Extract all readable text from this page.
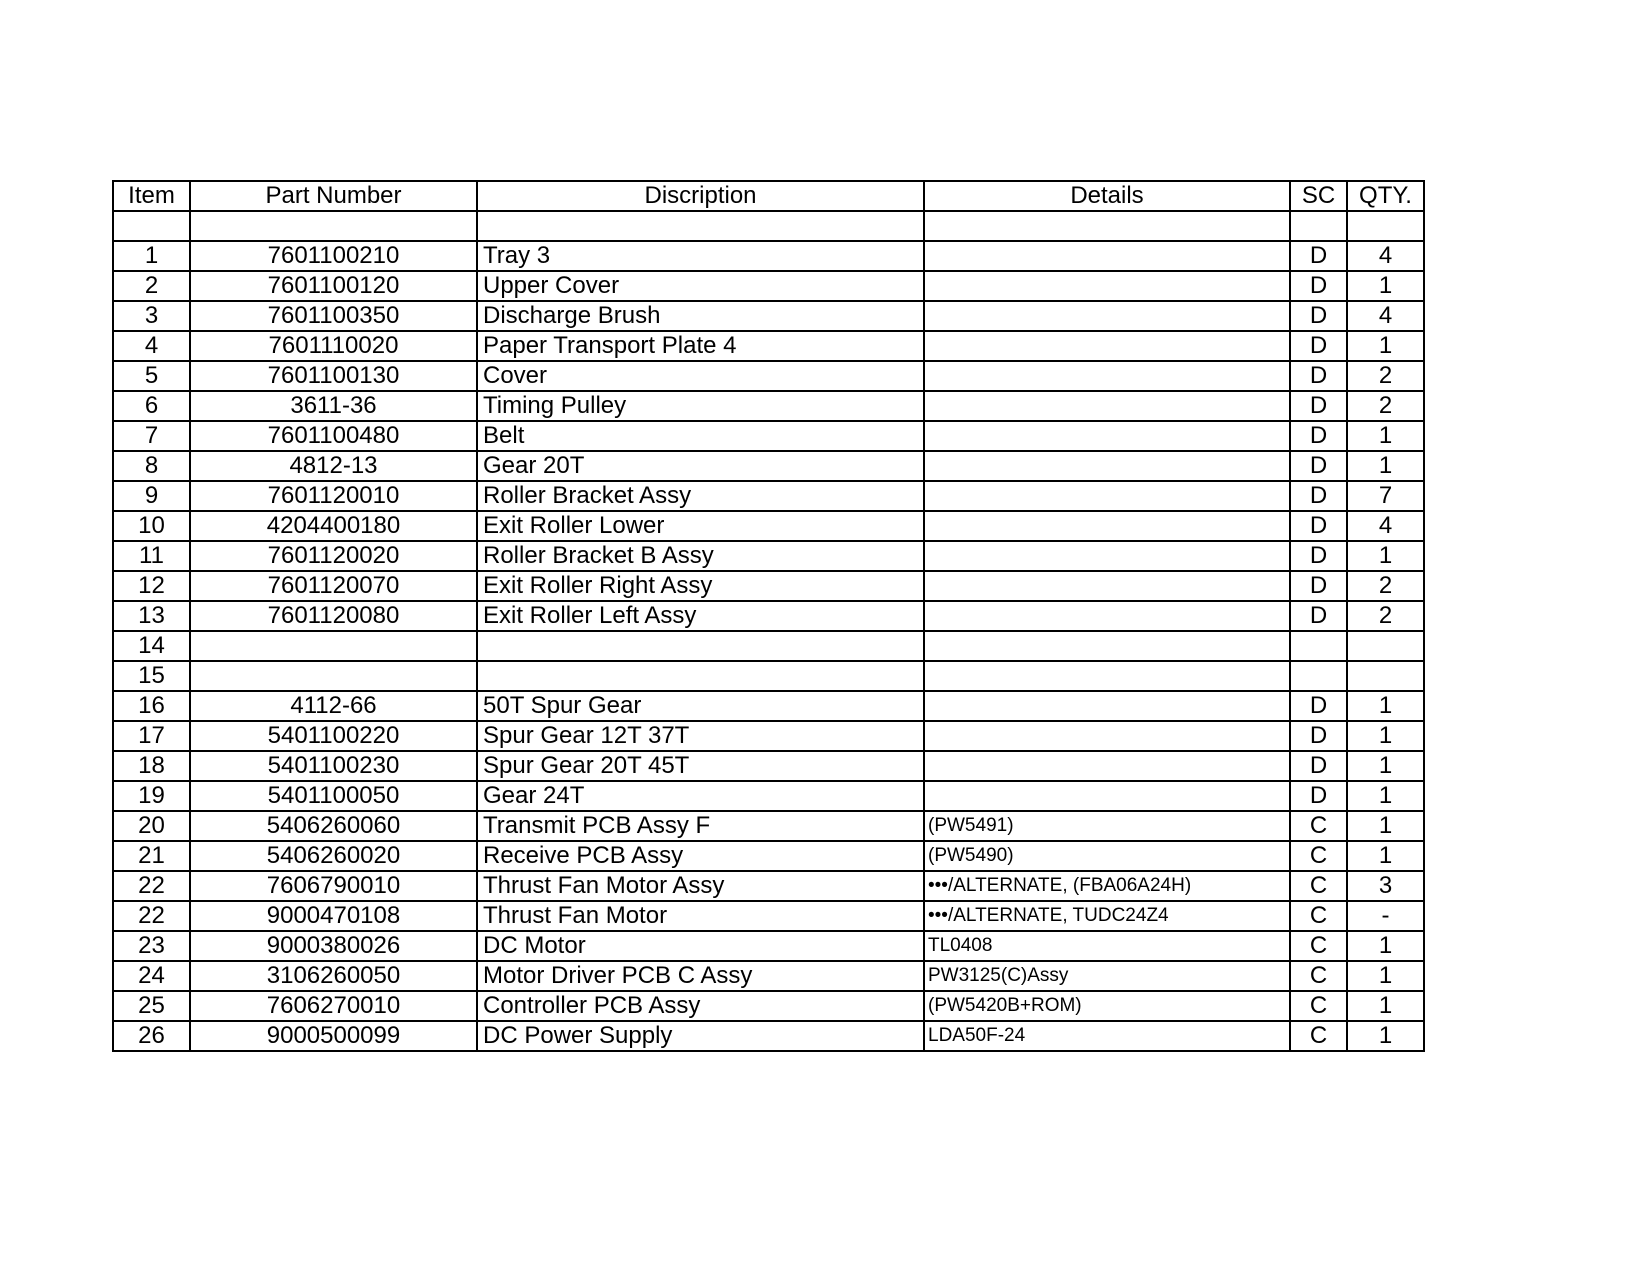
Item	Part Number	Discription	Details	SC	QTY.

1	7601100210	Tray 3		D	4
2	7601100120	Upper Cover		D	1
3	7601100350	Discharge Brush		D	4
4	7601110020	Paper Transport Plate 4		D	1
5	7601100130	Cover		D	2
6	3611-36	Timing Pulley		D	2
7	7601100480	Belt		D	1
8	4812-13	Gear 20T		D	1
9	7601120010	Roller Bracket Assy		D	7
10	4204400180	Exit Roller Lower		D	4
11	7601120020	Roller Bracket B Assy		D	1
12	7601120070	Exit Roller Right Assy		D	2
13	7601120080	Exit Roller Left Assy		D	2
14					
15					
16	4112-66	50T Spur Gear		D	1
17	5401100220	Spur Gear 12T 37T		D	1
18	5401100230	Spur Gear 20T 45T		D	1
19	5401100050	Gear 24T		D	1
20	5406260060	Transmit PCB Assy F	(PW5491)	C	1
21	5406260020	Receive PCB Assy	(PW5490)	C	1
22	7606790010	Thrust Fan Motor Assy	•••/ALTERNATE, (FBA06A24H)	C	3
22	9000470108	Thrust Fan Motor	•••/ALTERNATE, TUDC24Z4	C	-
23	9000380026	DC Motor	TL0408	C	1
24	3106260050	Motor Driver PCB C Assy	PW3125(C)Assy	C	1
25	7606270010	Controller PCB Assy	(PW5420B+ROM)	C	1
26	9000500099	DC Power Supply	LDA50F-24	C	1
